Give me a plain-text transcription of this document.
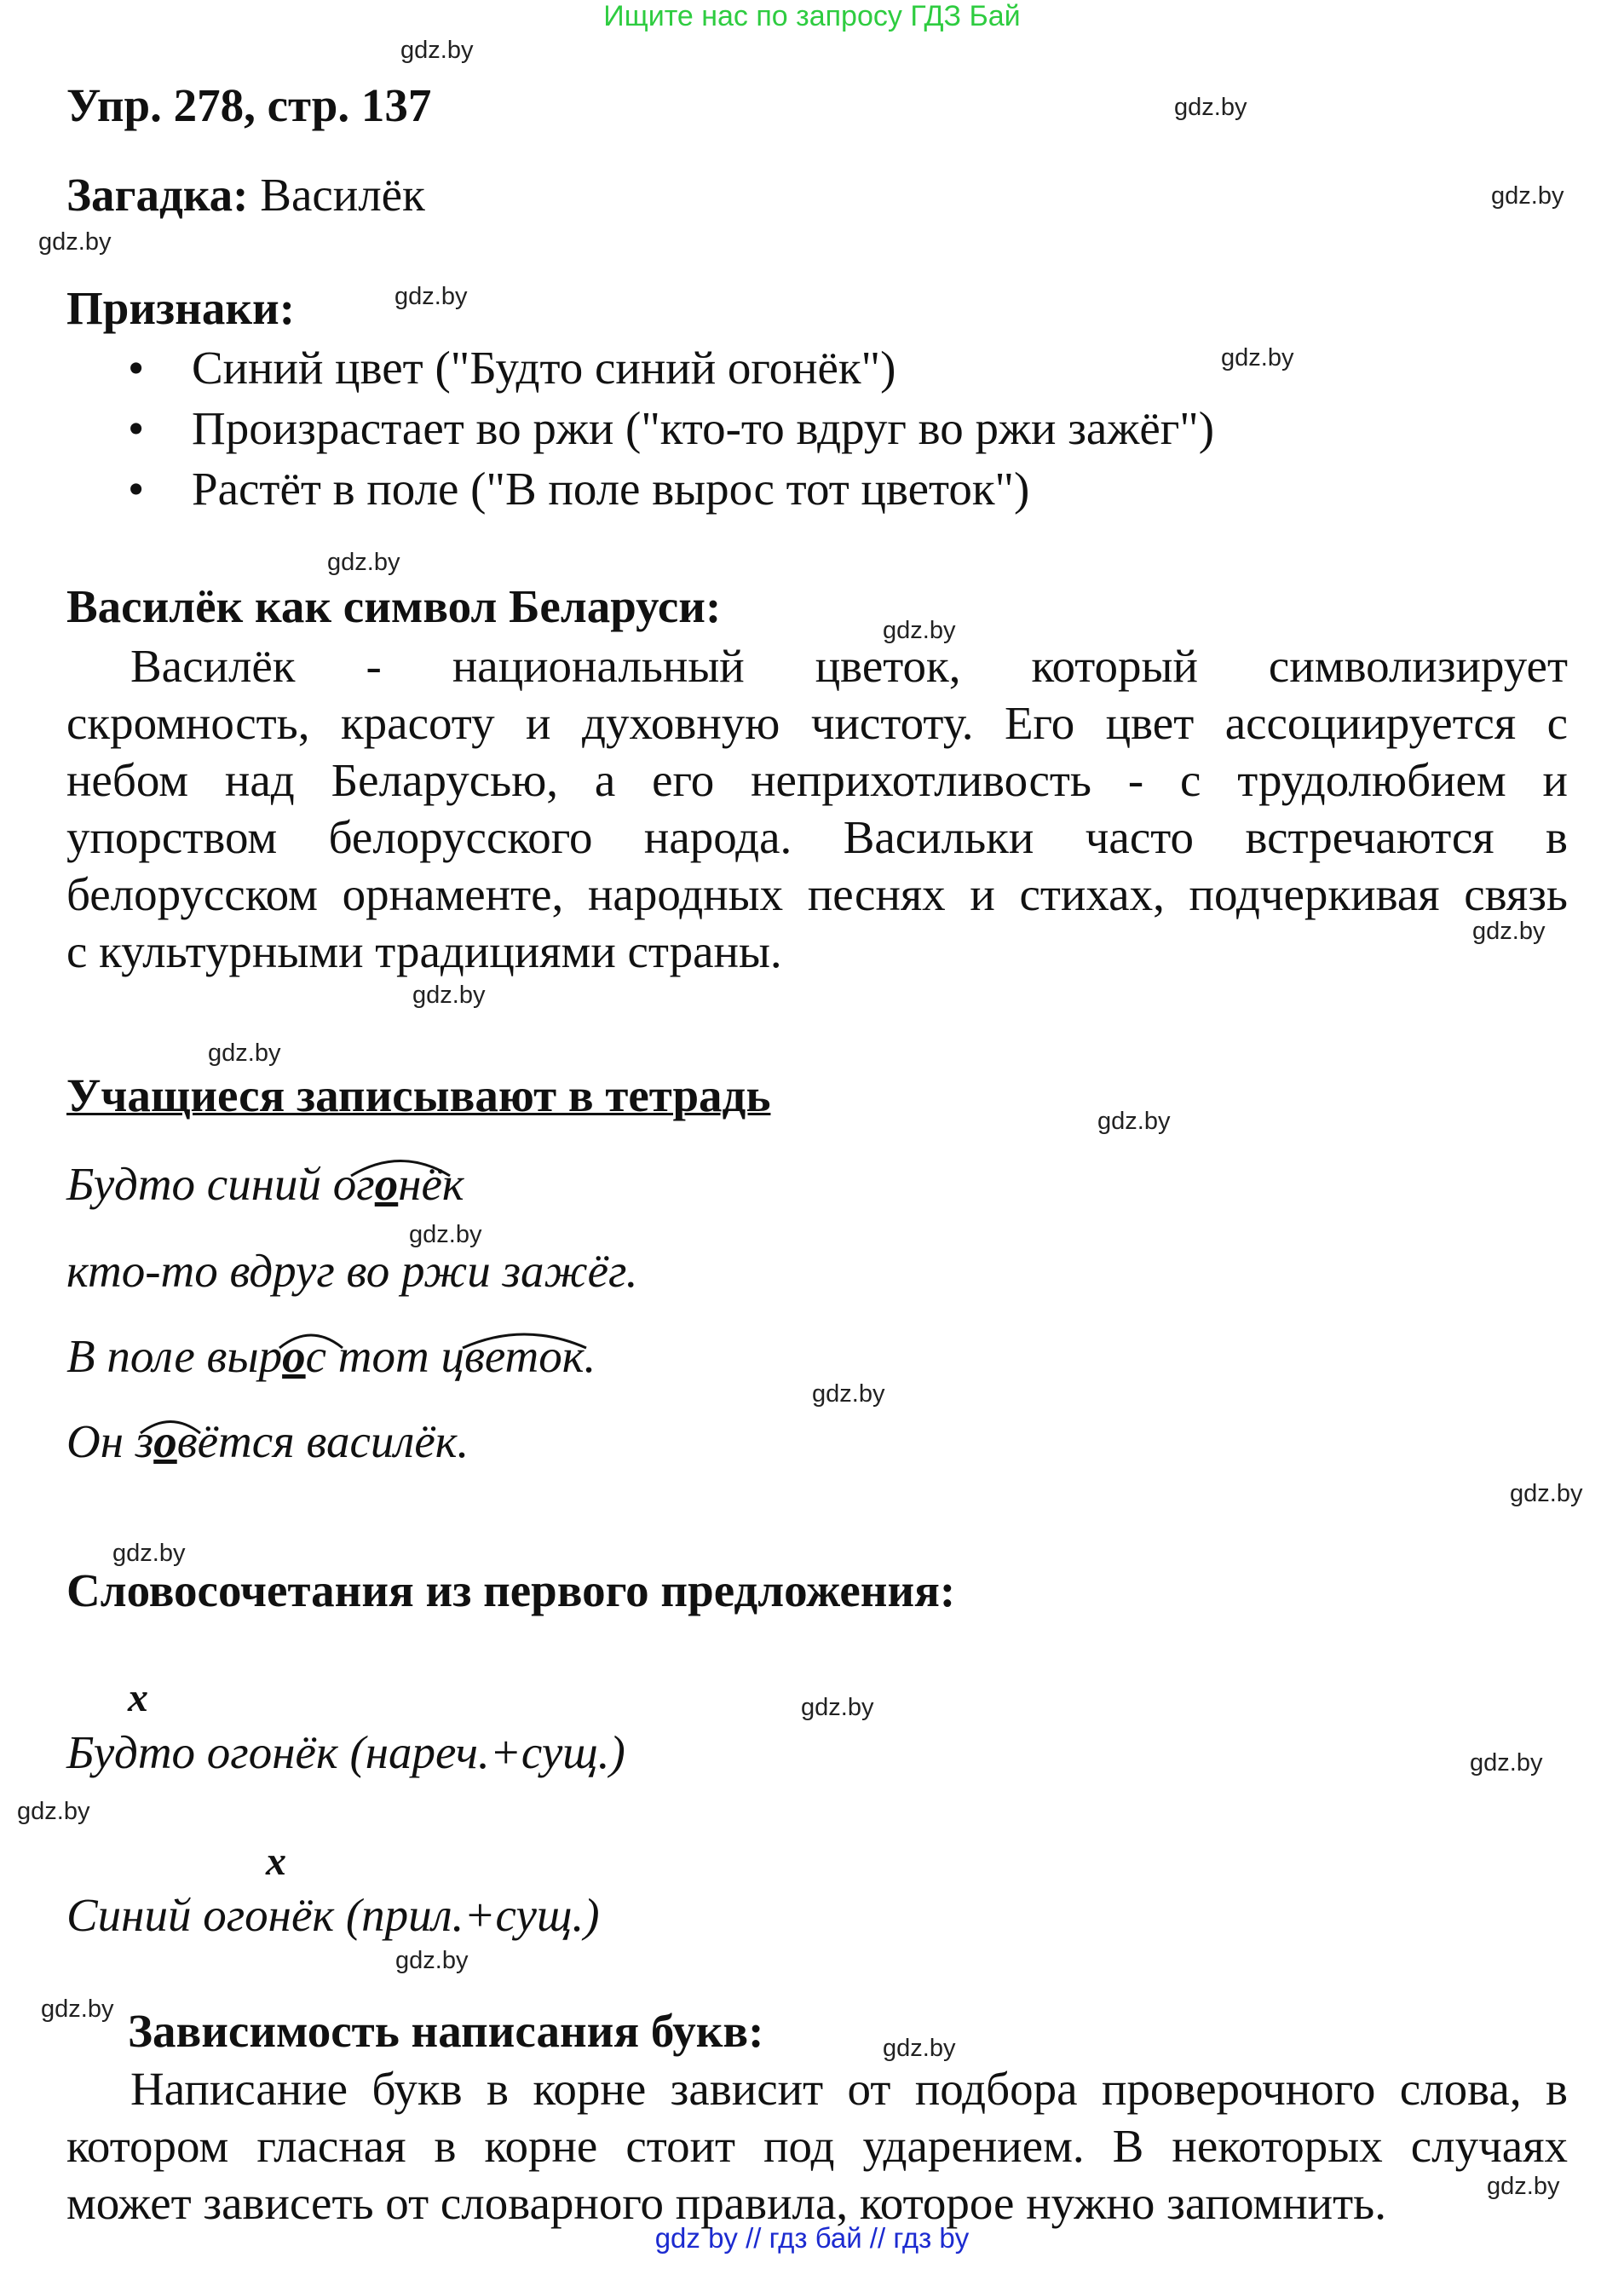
Ищите нас по запросу ГДЗ Бай
gdz by // гдз бай // гдз by
gdz.by
gdz.by
gdz.by
gdz.by
gdz.by
gdz.by
gdz.by
gdz.by
gdz.by
gdz.by
gdz.by
gdz.by
gdz.by
gdz.by
gdz.by
gdz.by
gdz.by
gdz.by
gdz.by
gdz.by
gdz.by
gdz.by
gdz.by
Упр. 278, стр. 137
Загадка: Василёк
Признаки:
• Синий цвет ("Будто синий огонёк")
• Произрастает во ржи ("кто-то вдруг во ржи зажёг")
• Растёт в поле ("В поле вырос тот цветок")
Василёк как символ Беларуси:
Василёк - национальный цветок, который символизирует
скромность, красоту и духовную чистоту. Его цвет ассоциируется с
небом над Беларусью, а его неприхотливость - с трудолюбием и
упорством белорусского народа. Васильки часто встречаются в
белорусском орнаменте, народных песнях и стихах, подчеркивая связь
с культурными традициями страны.
Учащиеся записывают в тетрадь
Будто синий огонёк
кто-то вдруг во ржи зажёг.
В поле вырос тот цветок.
Он зовётся василёк.
Словосочетания из первого предложения:
x
Будто огонёк (нареч.+сущ.)
x
Синий огонёк (прил.+сущ.)
Зависимость написания букв:
Написание букв в корне зависит от подбора проверочного слова, в
котором гласная в корне стоит под ударением. В некоторых случаях
может зависеть от словарного правила, которое нужно запомнить.
